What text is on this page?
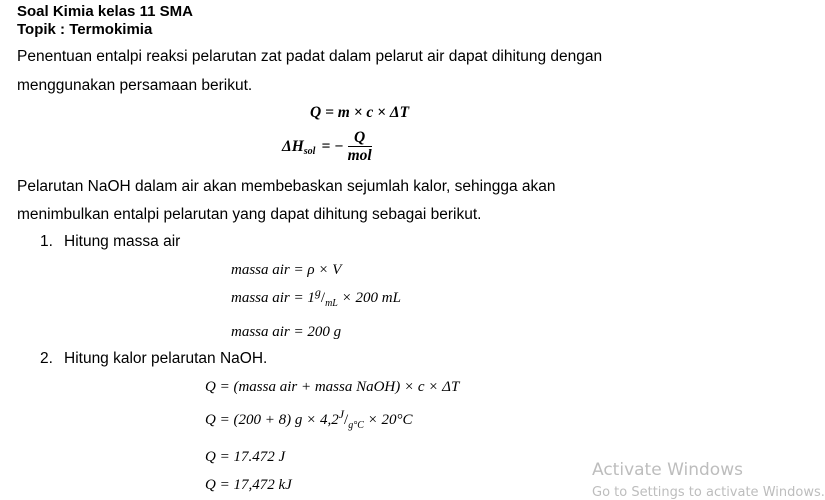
Soal Kimia kelas 11 SMA
Topik : Termokimia
Penentuan entalpi reaksi pelarutan zat padat dalam pelarut air dapat dihitung dengan
menggunakan persamaan berikut.
Q = m × c × ΔT
ΔH sol = − $\frac{Q}{\text{mol}}$
Pelarutan NaOH dalam air akan membebaskan sejumlah kalor, sehingga akan
menimbulkan entalpi pelarutan yang dapat dihitung sebagai berikut.
1. Hitung massa air
massa air = ρ × V
massa air = $1^g/_{mL} \times 200$ mL
massa air = 200 g
2. Hitung kalor pelarutan NaOH.
Q = (massa air + massa NaOH) × c × ΔT
Q = (200 + 8) $g \times 4,2^J/_{g^\circ C} \times 20^\circ C$
Q = 17.472 J
Q = 17,472 kJ
Activate Windows
Go to Settings to activate Windows.
